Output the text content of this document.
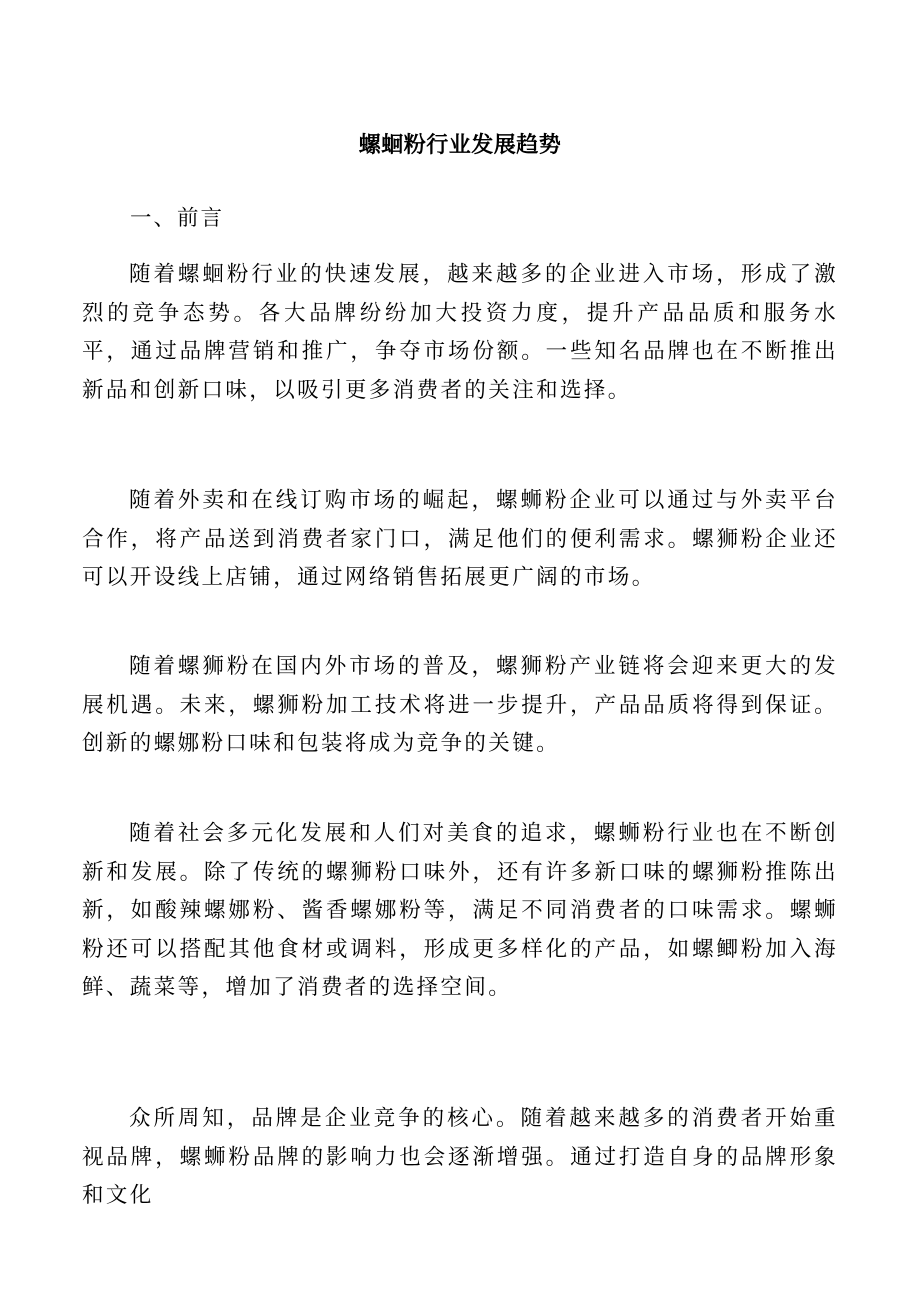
螺蛔粉行业发展趋势
一、前言
随着螺蛔粉行业的快速发展，越来越多的企业进入市场，形成了激烈的竞争态势。各大品牌纷纷加大投资力度，提升产品品质和服务水平，通过品牌营销和推广，争夺市场份额。一些知名品牌也在不断推出新品和创新口味，以吸引更多消费者的关注和选择。
随着外卖和在线订购市场的崛起，螺蛳粉企业可以通过与外卖平台合作，将产品送到消费者家门口，满足他们的便利需求。螺狮粉企业还可以开设线上店铺，通过网络销售拓展更广阔的市场。
随着螺狮粉在国内外市场的普及，螺狮粉产业链将会迎来更大的发展机遇。未来，螺狮粉加工技术将进一步提升，产品品质将得到保证。创新的螺娜粉口味和包装将成为竞争的关键。
随着社会多元化发展和人们对美食的追求，螺蛳粉行业也在不断创新和发展。除了传统的螺狮粉口味外，还有许多新口味的螺狮粉推陈出新，如酸辣螺娜粉、酱香螺娜粉等，满足不同消费者的口味需求。螺蛳粉还可以搭配其他食材或调料，形成更多样化的产品，如螺鲫粉加入海鲜、蔬菜等，增加了消费者的选择空间。
众所周知，品牌是企业竞争的核心。随着越来越多的消费者开始重视品牌，螺蛳粉品牌的影响力也会逐渐增强。通过打造自身的品牌形象和文化
